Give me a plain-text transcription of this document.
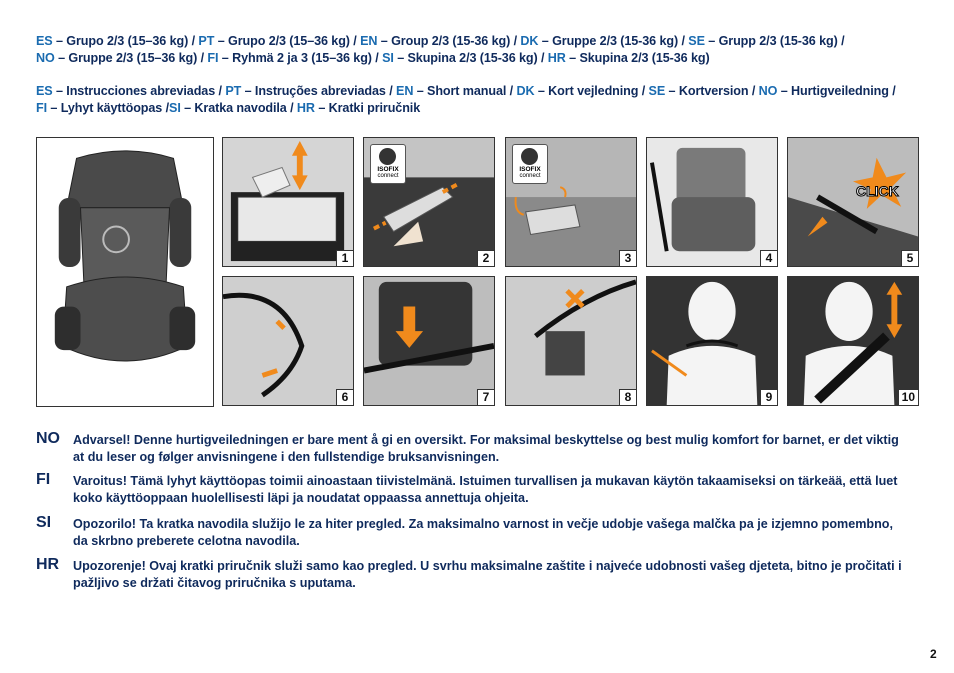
ES – Grupo 2/3 (15–36 kg) / PT – Grupo 2/3 (15–36 kg) / EN – Group 2/3 (15-36 kg) / DK – Gruppe 2/3 (15-36 kg) / SE – Grupp 2/3 (15-36 kg) /
NO – Gruppe 2/3 (15–36 kg) / FI – Ryhmä 2 ja 3 (15–36 kg) / SI – Skupina 2/3 (15-36 kg) / HR – Skupina 2/3 (15-36 kg)
ES – Instrucciones abreviadas / PT – Instruções abreviadas / EN – Short manual / DK – Kort vejledning / SE – Kortversion / NO – Hurtigveiledning /
FI – Lyhyt käyttöopas /SI – Kratka navodila / HR – Kratki priručnik
1
ISOFIX
connect
2
ISOFIX
connect
3	4
CLICK
5
6	7	8	9	10
NO Advarsel! Denne hurtigveiledningen er bare ment å gi en oversikt. For maksimal beskyttelse og best mulig komfort for barnet, er det viktig at du leser og følger anvisningene i den fullstendige bruksanvisningen.
FI Varoitus! Tämä lyhyt käyttöopas toimii ainoastaan tiivistelmänä. Istuimen turvallisen ja mukavan käytön takaamiseksi on tärkeää, että luet koko käyttöoppaan huolellisesti läpi ja noudatat oppaassa annettuja ohjeita.
SI Opozorilo! Ta kratka navodila služijo le za hiter pregled. Za maksimalno varnost in večje udobje vašega malčka pa je izjemno pomembno, da skrbno preberete celotna navodila.
HR Upozorenje! Ovaj kratki priručnik služi samo kao pregled. U svrhu maksimalne zaštite i najveće udobnosti vašeg djeteta, bitno je pročitati i pažljivo se držati čitavog priručnika s uputama.
2
